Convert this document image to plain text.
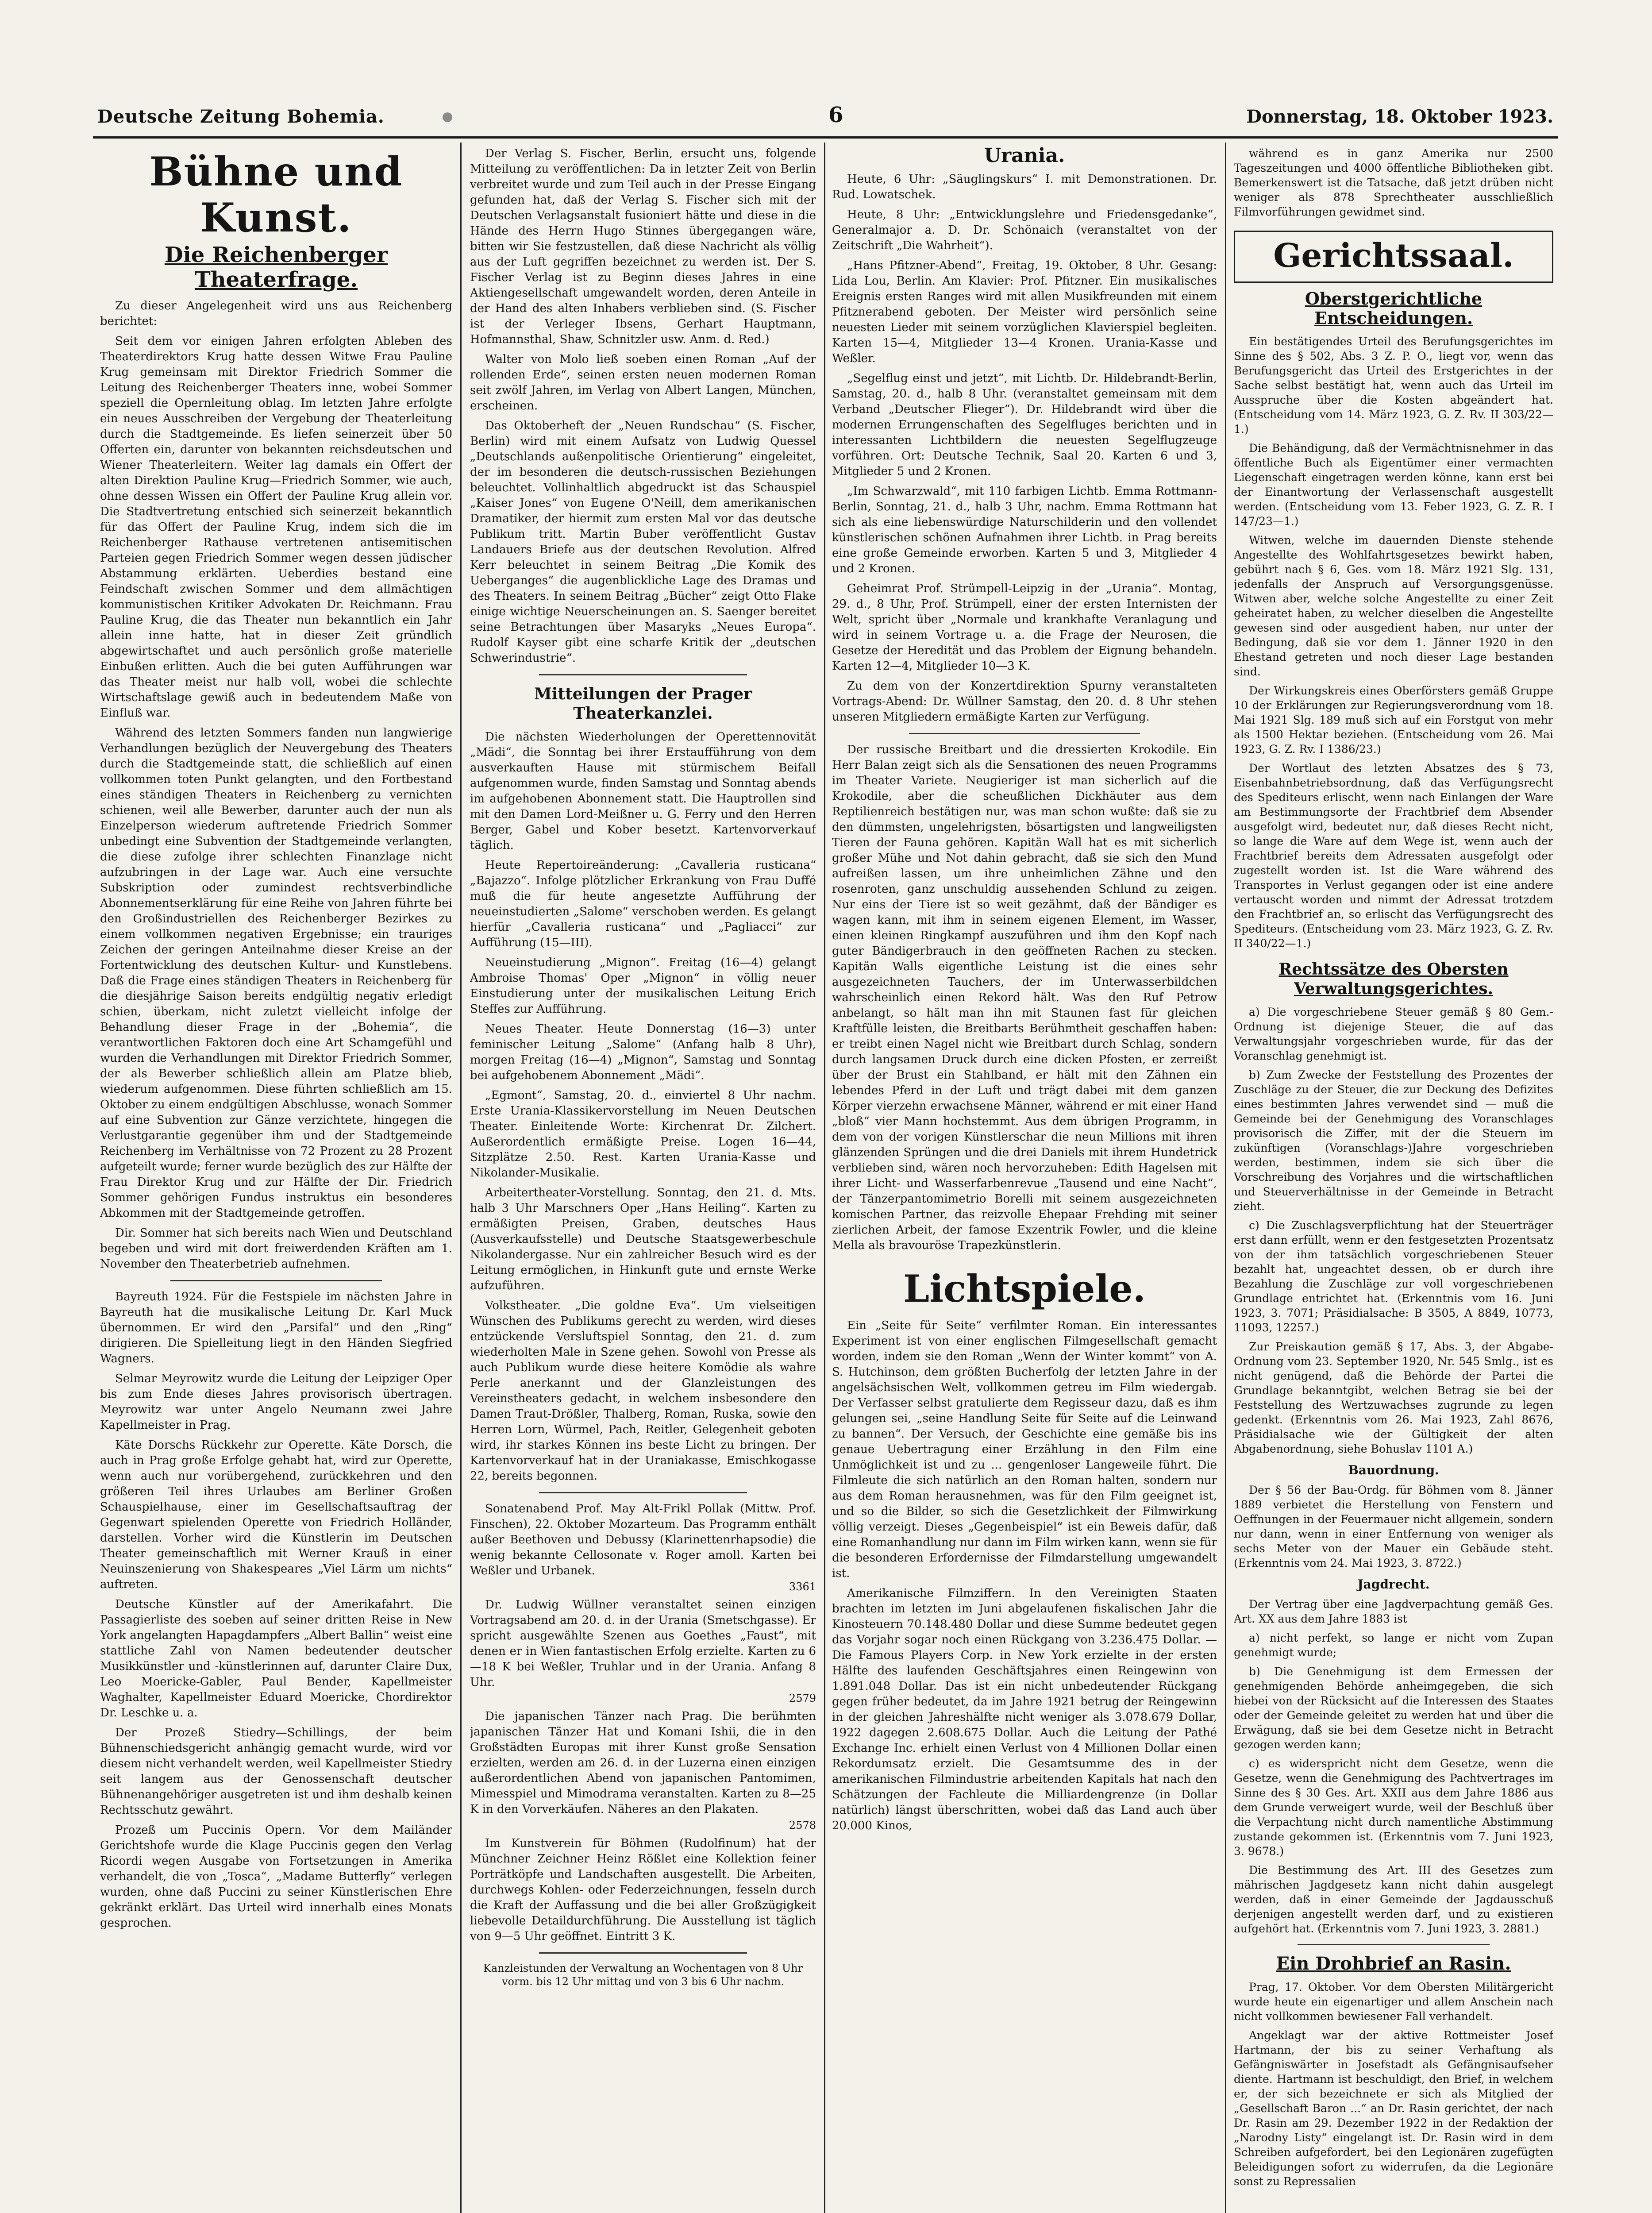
Deutsche Zeitung Bohemia.	6	Donnerstag, 18. Oktober 1923.
Bühne und Kunst.
Die Reichenberger Theaterfrage.

Zu dieser Angelegenheit wird uns aus Reichenberg berichtet:

Seit dem vor einigen Jahren erfolgten Ableben des Theaterdirektors Krug hatte dessen Witwe Frau Pauline Krug gemeinsam mit Direktor Friedrich Sommer die Leitung des Reichenberger Theaters inne, wobei Sommer speziell die Opernleitung oblag. Im letzten Jahre erfolgte ein neues Ausschreiben der Vergebung der Theaterleitung durch die Stadtgemeinde. Es liefen seinerzeit über 50 Offerten ein, darunter von bekannten reichsdeutschen und Wiener Theaterleitern. Weiter lag damals ein Offert der alten Direktion Pauline Krug—Friedrich Sommer, wie auch, ohne dessen Wissen ein Offert der Pauline Krug allein vor. Die Stadtvertretung entschied sich seinerzeit bekanntlich für das Offert der Pauline Krug, indem sich die im Reichenberger Rathause vertretenen antisemitischen Parteien gegen Friedrich Sommer wegen dessen jüdischer Abstammung erklärten. Ueberdies bestand eine Feindschaft zwischen Sommer und dem allmächtigen kommunistischen Kritiker Advokaten Dr. Reichmann. Frau Pauline Krug, die das Theater nun bekanntlich ein Jahr allein inne hatte, hat in dieser Zeit gründlich abgewirtschaftet und auch persönlich große materielle Einbußen erlitten. Auch die bei guten Aufführungen war das Theater meist nur halb voll, wobei die schlechte Wirtschaftslage gewiß auch in bedeutendem Maße von Einfluß war.

Während des letzten Sommers fanden nun langwierige Verhandlungen bezüglich der Neuvergebung des Theaters durch die Stadtgemeinde statt, die schließlich auf einen vollkommen toten Punkt gelangten, und den Fortbestand eines ständigen Theaters in Reichenberg zu vernichten schienen, weil alle Bewerber, darunter auch der nun als Einzelperson wiederum auftretende Friedrich Sommer unbedingt eine Subvention der Stadtgemeinde verlangten, die diese zufolge ihrer schlechten Finanzlage nicht aufzubringen in der Lage war. Auch eine versuchte Subskription oder zumindest rechtsverbindliche Abonnementserklärung für eine Reihe von Jahren führte bei den Großindustriellen des Reichenberger Bezirkes zu einem vollkommen negativen Ergebnisse; ein trauriges Zeichen der geringen Anteilnahme dieser Kreise an der Fortentwicklung des deutschen Kultur- und Kunstlebens. Daß die Frage eines ständigen Theaters in Reichenberg für die diesjährige Saison bereits endgültig negativ erledigt schien, überkam, nicht zuletzt vielleicht infolge der Behandlung dieser Frage in der „Bohemia“, die verantwortlichen Faktoren doch eine Art Schamgefühl und wurden die Verhandlungen mit Direktor Friedrich Sommer, der als Bewerber schließlich allein am Platze blieb, wiederum aufgenommen. Diese führten schließlich am 15. Oktober zu einem endgültigen Abschlusse, wonach Sommer auf eine Subvention zur Gänze verzichtete, hingegen die Verlustgarantie gegenüber ihm und der Stadtgemeinde Reichenberg im Verhältnisse von 72 Prozent zu 28 Prozent aufgeteilt wurde; ferner wurde bezüglich des zur Hälfte der Frau Direktor Krug und zur Hälfte der Dir. Friedrich Sommer gehörigen Fundus instruktus ein besonderes Abkommen mit der Stadtgemeinde getroffen.

Dir. Sommer hat sich bereits nach Wien und Deutschland begeben und wird mit dort freiwerdenden Kräften am 1. November den Theaterbetrieb aufnehmen.

Bayreuth 1924. Für die Festspiele im nächsten Jahre in Bayreuth hat die musikalische Leitung Dr. Karl Muck übernommen. Er wird den „Parsifal“ und den „Ring“ dirigieren. Die Spielleitung liegt in den Händen Siegfried Wagners.

Selmar Meyrowitz wurde die Leitung der Leipziger Oper bis zum Ende dieses Jahres provisorisch übertragen. Meyrowitz war unter Angelo Neumann zwei Jahre Kapellmeister in Prag.

Käte Dorschs Rückkehr zur Operette. Käte Dorsch, die auch in Prag große Erfolge gehabt hat, wird zur Operette, wenn auch nur vorübergehend, zurückkehren und den größeren Teil ihres Urlaubes am Berliner Großen Schauspielhause, einer im Gesellschaftsauftrag der Gegenwart spielenden Operette von Friedrich Holländer, darstellen. Vorher wird die Künstlerin im Deutschen Theater gemeinschaftlich mit Werner Krauß in einer Neuinszenierung von Shakespeares „Viel Lärm um nichts“ auftreten.

Deutsche Künstler auf der Amerikafahrt. Die Passagierliste des soeben auf seiner dritten Reise in New York angelangten Hapagdampfers „Albert Ballin“ weist eine stattliche Zahl von Namen bedeutender deutscher Musikkünstler und -künstlerinnen auf, darunter Claire Dux, Leo Moericke-Gabler, Paul Bender, Kapellmeister Waghalter, Kapellmeister Eduard Moericke, Chordirektor Dr. Leschke u. a.

Der Prozeß Stiedry—Schillings, der beim Bühnenschiedsgericht anhängig gemacht wurde, wird vor diesem nicht verhandelt werden, weil Kapellmeister Stiedry seit langem aus der Genossenschaft deutscher Bühnenangehöriger ausgetreten ist und ihm deshalb keinen Rechtsschutz gewährt.

Prozeß um Puccinis Opern. Vor dem Mailänder Gerichtshofe wurde die Klage Puccinis gegen den Verlag Ricordi wegen Ausgabe von Fortsetzungen in Amerika verhandelt, die von „Tosca“, „Madame Butterfly“ verlegen wurden, ohne daß Puccini zu seiner Künstlerischen Ehre gekränkt erklärt. Das Urteil wird innerhalb eines Monats gesprochen.

Der Verlag S. Fischer, Berlin, ersucht uns, folgende Mitteilung zu veröffentlichen: Da in letzter Zeit von Berlin verbreitet wurde und zum Teil auch in der Presse Eingang gefunden hat, daß der Verlag S. Fischer sich mit der Deutschen Verlagsanstalt fusioniert hätte und diese in die Hände des Herrn Hugo Stinnes übergegangen wäre, bitten wir Sie festzustellen, daß diese Nachricht als völlig aus der Luft gegriffen bezeichnet zu werden ist. Der S. Fischer Verlag ist zu Beginn dieses Jahres in eine Aktiengesellschaft umgewandelt worden, deren Anteile in der Hand des alten Inhabers verblieben sind. (S. Fischer ist der Verleger Ibsens, Gerhart Hauptmann, Hofmannsthal, Shaw, Schnitzler usw. Anm. d. Red.)

Walter von Molo ließ soeben einen Roman „Auf der rollenden Erde“, seinen ersten neuen modernen Roman seit zwölf Jahren, im Verlag von Albert Langen, München, erscheinen.

Das Oktoberheft der „Neuen Rundschau“ (S. Fischer, Berlin) wird mit einem Aufsatz von Ludwig Quessel „Deutschlands außenpolitische Orientierung“ eingeleitet, der im besonderen die deutsch-russischen Beziehungen beleuchtet. Vollinhaltlich abgedruckt ist das Schauspiel „Kaiser Jones“ von Eugene O'Neill, dem amerikanischen Dramatiker, der hiermit zum ersten Mal vor das deutsche Publikum tritt. Martin Buber veröffentlicht Gustav Landauers Briefe aus der deutschen Revolution. Alfred Kerr beleuchtet in seinem Beitrag „Die Komik des Ueberganges“ die augenblickliche Lage des Dramas und des Theaters. In seinem Beitrag „Bücher“ zeigt Otto Flake einige wichtige Neuerscheinungen an. S. Saenger bereitet seine Betrachtungen über Masaryks „Neues Europa“. Rudolf Kayser gibt eine scharfe Kritik der „deutschen Schwerindustrie“.

Mitteilungen der Prager Theaterkanzlei.

Die nächsten Wiederholungen der Operettennovität „Mädi“, die Sonntag bei ihrer Erstaufführung von dem ausverkauften Hause mit stürmischem Beifall aufgenommen wurde, finden Samstag und Sonntag abends im aufgehobenen Abonnement statt. Die Hauptrollen sind mit den Damen Lord-Meißner u. G. Ferry und den Herren Berger, Gabel und Kober besetzt. Kartenvorverkauf täglich.

Heute Repertoireänderung: „Cavalleria rusticana“ „Bajazzo“. Infolge plötzlicher Erkrankung von Frau Duffé muß die für heute angesetzte Aufführung der neueinstudierten „Salome“ verschoben werden. Es gelangt hierfür „Cavalleria rusticana“ und „Pagliacci“ zur Aufführung (15—III).

Neueinstudierung „Mignon“. Freitag (16—4) gelangt Ambroise Thomas' Oper „Mignon“ in völlig neuer Einstudierung unter der musikalischen Leitung Erich Steffes zur Aufführung.

Neues Theater. Heute Donnerstag (16—3) unter feminischer Leitung „Salome“ (Anfang halb 8 Uhr), morgen Freitag (16—4) „Mignon“, Samstag und Sonntag bei aufgehobenem Abonnement „Mädi“.

„Egmont“, Samstag, 20. d., einviertel 8 Uhr nachm. Erste Urania-Klassikervorstellung im Neuen Deutschen Theater. Einleitende Worte: Kirchenrat Dr. Zilchert. Außerordentlich ermäßigte Preise. Logen 16—44, Sitzplätze 2.50. Rest. Karten Urania-Kasse und Nikolander-Musikalie.

Arbeitertheater-Vorstellung. Sonntag, den 21. d. Mts. halb 3 Uhr Marschners Oper „Hans Heiling“. Karten zu ermäßigten Preisen, Graben, deutsches Haus (Ausverkaufsstelle) und Deutsche Staatsgewerbeschule Nikolandergasse. Nur ein zahlreicher Besuch wird es der Leitung ermöglichen, in Hinkunft gute und ernste Werke aufzuführen.

Volkstheater. „Die goldne Eva“. Um vielseitigen Wünschen des Publikums gerecht zu werden, wird dieses entzückende Versluftspiel Sonntag, den 21. d. zum wiederholten Male in Szene gehen. Sowohl von Presse als auch Publikum wurde diese heitere Komödie als wahre Perle anerkannt und der Glanzleistungen des Vereinstheaters gedacht, in welchem insbesondere den Damen Traut-Drößler, Thalberg, Roman, Ruska, sowie den Herren Lorn, Würmel, Pach, Reitler, Gelegenheit geboten wird, ihr starkes Können ins beste Licht zu bringen. Der Kartenvorverkauf hat in der Uraniakasse, Emischkogasse 22, bereits begonnen.

Sonatenabend Prof. May Alt-Frikl Pollak (Mittw. Prof. Finschen), 22. Oktober Mozarteum. Das Programm enthält außer Beethoven und Debussy (Klarinettenrhapsodie) die wenig bekannte Cellosonate v. Roger amoll. Karten bei Weßler und Urbanek.

3361

Dr. Ludwig Wüllner veranstaltet seinen einzigen Vortragsabend am 20. d. in der Urania (Smetschgasse). Er spricht ausgewählte Szenen aus Goethes „Faust“, mit denen er in Wien fantastischen Erfolg erzielte. Karten zu 6—18 K bei Weßler, Truhlar und in der Urania. Anfang 8 Uhr.

2579

Die japanischen Tänzer nach Prag. Die berühmten japanischen Tänzer Hat und Komani Ishii, die in den Großstädten Europas mit ihrer Kunst große Sensation erzielten, werden am 26. d. in der Luzerna einen einzigen außerordentlichen Abend von japanischen Pantomimen, Mimesspiel und Mimodrama veranstalten. Karten zu 8—25 K in den Vorverkäufen. Näheres an den Plakaten.

2578

Im Kunstverein für Böhmen (Rudolfinum) hat der Münchner Zeichner Heinz Rößlet eine Kollektion feiner Porträtköpfe und Landschaften ausgestellt. Die Arbeiten, durchwegs Kohlen- oder Federzeichnungen, fesseln durch die Kraft der Auffassung und die bei aller Großzügigkeit liebevolle Detaildurchführung. Die Ausstellung ist täglich von 9—5 Uhr geöffnet. Eintritt 3 K.

Kanzleistunden der Verwaltung an Wochentagen von 8 Uhr vorm. bis 12 Uhr mittag und von 3 bis 6 Uhr nachm.

Urania.

Heute, 6 Uhr: „Säuglingskurs“ I. mit Demonstrationen. Dr. Rud. Lowatschek.

Heute, 8 Uhr: „Entwicklungslehre und Friedensgedanke“, Generalmajor a. D. Dr. Schönaich (veranstaltet von der Zeitschrift „Die Wahrheit“).

„Hans Pfitzner-Abend“, Freitag, 19. Oktober, 8 Uhr. Gesang: Lida Lou, Berlin. Am Klavier: Prof. Pfitzner. Ein musikalisches Ereignis ersten Ranges wird mit allen Musikfreunden mit einem Pfitznerabend geboten. Der Meister wird persönlich seine neuesten Lieder mit seinem vorzüglichen Klavierspiel begleiten. Karten 15—4, Mitglieder 13—4 Kronen. Urania-Kasse und Weßler.

„Segelflug einst und jetzt“, mit Lichtb. Dr. Hildebrandt-Berlin, Samstag, 20. d., halb 8 Uhr. (veranstaltet gemeinsam mit dem Verband „Deutscher Flieger“). Dr. Hildebrandt wird über die modernen Errungenschaften des Segelfluges berichten und in interessanten Lichtbildern die neuesten Segelflugzeuge vorführen. Ort: Deutsche Technik, Saal 20. Karten 6 und 3, Mitglieder 5 und 2 Kronen.

„Im Schwarzwald“, mit 110 farbigen Lichtb. Emma Rottmann-Berlin, Sonntag, 21. d., halb 3 Uhr, nachm. Emma Rottmann hat sich als eine liebenswürdige Naturschilderin und den vollendet künstlerischen schönen Aufnahmen ihrer Lichtb. in Prag bereits eine große Gemeinde erworben. Karten 5 und 3, Mitglieder 4 und 2 Kronen.

Geheimrat Prof. Strümpell-Leipzig in der „Urania“. Montag, 29. d., 8 Uhr, Prof. Strümpell, einer der ersten Internisten der Welt, spricht über „Normale und krankhafte Veranlagung und wird in seinem Vortrage u. a. die Frage der Neurosen, die Gesetze der Heredität und das Problem der Eignung behandeln. Karten 12—4, Mitglieder 10—3 K.

Zu dem von der Konzertdirektion Spurny veranstalteten Vortrags-Abend: Dr. Wüllner Samstag, den 20. d. 8 Uhr stehen unseren Mitgliedern ermäßigte Karten zur Verfügung.

Der russische Breitbart und die dressierten Krokodile. Ein Herr Balan zeigt sich als die Sensationen des neuen Programms im Theater Variete. Neugieriger ist man sicherlich auf die Krokodile, aber die scheußlichen Dickhäuter aus dem Reptilienreich bestätigen nur, was man schon wußte: daß sie zu den dümmsten, ungelehrigsten, bösartigsten und langweiligsten Tieren der Fauna gehören. Kapitän Wall hat es mit sicherlich großer Mühe und Not dahin gebracht, daß sie sich den Mund aufreißen lassen, um ihre unheimlichen Zähne und den rosenroten, ganz unschuldig aussehenden Schlund zu zeigen. Nur eins der Tiere ist so weit gezähmt, daß der Bändiger es wagen kann, mit ihm in seinem eigenen Element, im Wasser, einen kleinen Ringkampf auszuführen und ihm den Kopf nach guter Bändigerbrauch in den geöffneten Rachen zu stecken. Kapitän Walls eigentliche Leistung ist die eines sehr ausgezeichneten Tauchers, der im Unterwasserbildchen wahrscheinlich einen Rekord hält. Was den Ruf Petrow anbelangt, so hält man ihn mit Staunen fast für gleichen Kraftfülle leisten, die Breitbarts Berühmtheit geschaffen haben: er treibt einen Nagel nicht wie Breitbart durch Schlag, sondern durch langsamen Druck durch eine dicken Pfosten, er zerreißt über der Brust ein Stahlband, er hält mit den Zähnen ein lebendes Pferd in der Luft und trägt dabei mit dem ganzen Körper vierzehn erwachsene Männer, während er mit einer Hand „bloß“ vier Mann hochstemmt. Aus dem übrigen Programm, in dem von der vorigen Künstlerschar die neun Millions mit ihren glänzenden Sprüngen und die drei Daniels mit ihrem Hundetrick verblieben sind, wären noch hervorzuheben: Edith Hagelsen mit ihrer Licht- und Wasserfarbenrevue „Tausend und eine Nacht“, der Tänzerpantomimetrio Borelli mit seinem ausgezeichneten komischen Partner, das reizvolle Ehepaar Frehding mit seiner zierlichen Arbeit, der famose Exzentrik Fowler, und die kleine Mella als bravouröse Trapezkünstlerin.

Lichtspiele.

Ein „Seite für Seite“ verfilmter Roman. Ein interessantes Experiment ist von einer englischen Filmgesellschaft gemacht worden, indem sie den Roman „Wenn der Winter kommt“ von A. S. Hutchinson, dem größten Bucherfolg der letzten Jahre in der angelsächsischen Welt, vollkommen getreu im Film wiedergab. Der Verfasser selbst gratulierte dem Regisseur dazu, daß es ihm gelungen sei, „seine Handlung Seite für Seite auf die Leinwand zu bannen“. Der Versuch, der Geschichte eine gemäße bis ins genaue Uebertragung einer Erzählung in den Film eine Unmöglichkeit ist und zu ... gengenloser Langeweile führt. Die Filmleute die sich natürlich an den Roman halten, sondern nur aus dem Roman herausnehmen, was für den Film geeignet ist, und so die Bilder, so sich die Gesetzlichkeit der Filmwirkung völlig verzeigt. Dieses „Gegenbeispiel“ ist ein Beweis dafür, daß eine Romanhandlung nur dann im Film wirken kann, wenn sie für die besonderen Erfordernisse der Filmdarstellung umgewandelt ist.

Amerikanische Filmziffern. In den Vereinigten Staaten brachten im letzten im Juni abgelaufenen fiskalischen Jahr die Kinosteuern 70.148.480 Dollar und diese Summe bedeutet gegen das Vorjahr sogar noch einen Rückgang von 3.236.475 Dollar. — Die Famous Players Corp. in New York erzielte in der ersten Hälfte des laufenden Geschäftsjahres einen Reingewinn von 1.891.048 Dollar. Das ist ein nicht unbedeutender Rückgang gegen früher bedeutet, da im Jahre 1921 betrug der Reingewinn in der gleichen Jahreshälfte nicht weniger als 3.078.679 Dollar, 1922 dagegen 2.608.675 Dollar. Auch die Leitung der Pathé Exchange Inc. erhielt einen Verlust von 4 Millionen Dollar einen Rekordumsatz erzielt. Die Gesamtsumme des in der amerikanischen Filmindustrie arbeitenden Kapitals hat nach den Schätzungen der Fachleute die Milliardengrenze (in Dollar natürlich) längst überschritten, wobei daß das Land auch über 20.000 Kinos,

während es in ganz Amerika nur 2500 Tageszeitungen und 4000 öffentliche Bibliotheken gibt. Bemerkenswert ist die Tatsache, daß jetzt drüben nicht weniger als 878 Sprechtheater ausschließlich Filmvorführungen gewidmet sind.

Gerichtssaal.
Oberstgerichtliche Entscheidungen.

Ein bestätigendes Urteil des Berufungsgerichtes im Sinne des § 502, Abs. 3 Z. P. O., liegt vor, wenn das Berufungsgericht das Urteil des Erstgerichtes in der Sache selbst bestätigt hat, wenn auch das Urteil im Ausspruche über die Kosten abgeändert hat. (Entscheidung vom 14. März 1923, G. Z. Rv. II 303/22—1.)

Die Behändigung, daß der Vermächtnisnehmer in das öffentliche Buch als Eigentümer einer vermachten Liegenschaft eingetragen werden könne, kann erst bei der Einantwortung der Verlassenschaft ausgestellt werden. (Entscheidung vom 13. Feber 1923, G. Z. R. I 147/23—1.)

Witwen, welche im dauernden Dienste stehende Angestellte des Wohlfahrtsgesetzes bewirkt haben, gebührt nach § 6, Ges. vom 18. März 1921 Slg. 131, jedenfalls der Anspruch auf Versorgungsgenüsse. Witwen aber, welche solche Angestellte zu einer Zeit geheiratet haben, zu welcher dieselben die Angestellte gewesen sind oder ausgedient haben, nur unter der Bedingung, daß sie vor dem 1. Jänner 1920 in den Ehestand getreten und noch dieser Lage bestanden sind.

Der Wirkungskreis eines Oberförsters gemäß Gruppe 10 der Erklärungen zur Regierungsverordnung vom 18. Mai 1921 Slg. 189 muß sich auf ein Forstgut von mehr als 1500 Hektar beziehen. (Entscheidung vom 26. Mai 1923, G. Z. Rv. I 1386/23.)

Der Wortlaut des letzten Absatzes des § 73, Eisenbahnbetriebsordnung, daß das Verfügungsrecht des Spediteurs erlischt, wenn nach Einlangen der Ware am Bestimmungsorte der Frachtbrief dem Absender ausgefolgt wird, bedeutet nur, daß dieses Recht nicht, so lange die Ware auf dem Wege ist, wenn auch der Frachtbrief bereits dem Adressaten ausgefolgt oder zugestellt worden ist. Ist die Ware während des Transportes in Verlust gegangen oder ist eine andere vertauscht worden und nimmt der Adressat trotzdem den Frachtbrief an, so erlischt das Verfügungsrecht des Spediteurs. (Entscheidung vom 23. März 1923, G. Z. Rv. II 340/22—1.)

Rechtssätze des Obersten Verwaltungsgerichtes.

a) Die vorgeschriebene Steuer gemäß § 80 Gem.-Ordnung ist diejenige Steuer, die auf das Verwaltungsjahr vorgeschrieben wurde, für das der Voranschlag genehmigt ist.

b) Zum Zwecke der Feststellung des Prozentes der Zuschläge zu der Steuer, die zur Deckung des Defizites eines bestimmten Jahres verwendet sind — muß die Gemeinde bei der Genehmigung des Voranschlages provisorisch die Ziffer, mit der die Steuern im zukünftigen (Voranschlags-)Jahre vorgeschrieben werden, bestimmen, indem sie sich über die Vorschreibung des Vorjahres und die wirtschaftlichen und Steuerverhältnisse in der Gemeinde in Betracht zieht.

c) Die Zuschlagsverpflichtung hat der Steuerträger erst dann erfüllt, wenn er den festgesetzten Prozentsatz von der ihm tatsächlich vorgeschriebenen Steuer bezahlt hat, ungeachtet dessen, ob er durch ihre Bezahlung die Zuschläge zur voll vorgeschriebenen Grundlage entrichtet hat. (Erkenntnis vom 16. Juni 1923, 3. 7071; Präsidialsache: B 3505, A 8849, 10773, 11093, 12257.)

Zur Preiskaution gemäß § 17, Abs. 3, der Abgabe-Ordnung vom 23. September 1920, Nr. 545 Smlg., ist es nicht genügend, daß die Behörde der Partei die Grundlage bekanntgibt, welchen Betrag sie bei der Feststellung des Wertzuwachses zugrunde zu legen gedenkt. (Erkenntnis vom 26. Mai 1923, Zahl 8676, Präsidialsache wie der Gültigkeit der alten Abgabenordnung, siehe Bohuslav 1101 A.)

Bauordnung.

Der § 56 der Bau-Ordg. für Böhmen vom 8. Jänner 1889 verbietet die Herstellung von Fenstern und Oeffnungen in der Feuermauer nicht allgemein, sondern nur dann, wenn in einer Entfernung von weniger als sechs Meter von der Mauer ein Gebäude steht. (Erkenntnis vom 24. Mai 1923, 3. 8722.)

Jagdrecht.

Der Vertrag über eine Jagdverpachtung gemäß Ges. Art. XX aus dem Jahre 1883 ist

a) nicht perfekt, so lange er nicht vom Zupan genehmigt wurde;

b) Die Genehmigung ist dem Ermessen der genehmigenden Behörde anheimgegeben, die sich hiebei von der Rücksicht auf die Interessen des Staates oder der Gemeinde geleitet zu werden hat und über die Erwägung, daß sie bei dem Gesetze nicht in Betracht gezogen werden kann;

c) es widerspricht nicht dem Gesetze, wenn die Gesetze, wenn die Genehmigung des Pachtvertrages im Sinne des § 30 Ges. Art. XXII aus dem Jahre 1886 aus dem Grunde verweigert wurde, weil der Beschluß über die Verpachtung nicht durch namentliche Abstimmung zustande gekommen ist. (Erkenntnis vom 7. Juni 1923, 3. 9678.)

Die Bestimmung des Art. III des Gesetzes zum mährischen Jagdgesetz kann nicht dahin ausgelegt werden, daß in einer Gemeinde der Jagdausschuß derjenigen angestellt werden darf, und zu existieren aufgehört hat. (Erkenntnis vom 7. Juni 1923, 3. 2881.)

Ein Drohbrief an Rasin.

Prag, 17. Oktober. Vor dem Obersten Militärgericht wurde heute ein eigenartiger und allem Anschein nach nicht vollkommen bewiesener Fall verhandelt.

Angeklagt war der aktive Rottmeister Josef Hartmann, der bis zu seiner Verhaftung als Gefängniswärter in Josefstadt als Gefängnisaufseher diente. Hartmann ist beschuldigt, den Brief, in welchem er, der sich bezeichnete er sich als Mitglied der „Gesellschaft Baron ...“ an Dr. Rasin gerichtet, der nach Dr. Rasin am 29. Dezember 1922 in der Redaktion der „Narodny Listy“ eingelangt ist. Dr. Rasin wird in dem Schreiben aufgefordert, bei den Legionären zugefügten Beleidigungen sofort zu widerrufen, da die Legionäre sonst zu Repressalien
